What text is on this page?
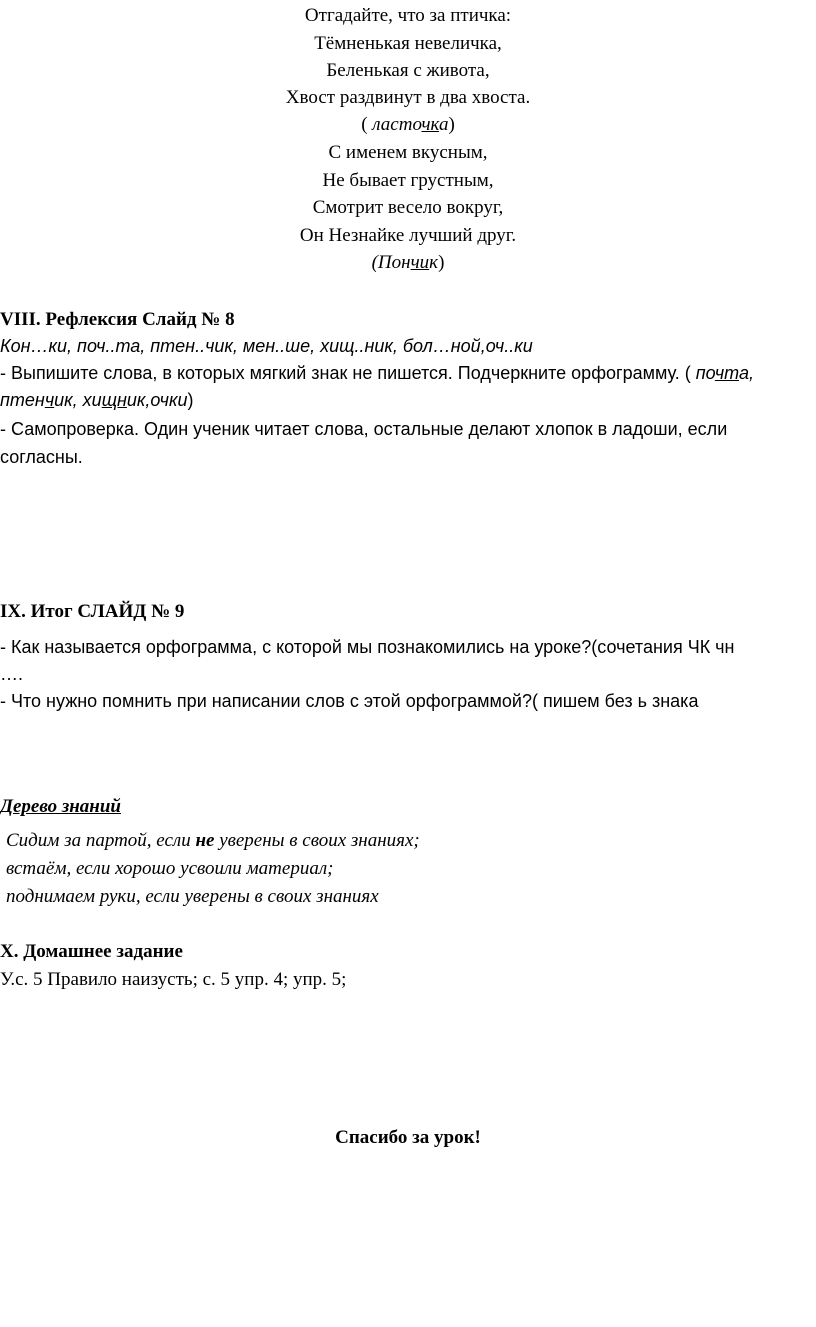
Отгадайте, что за птичка:
Тёмненькая невеличка,
Беленькая с живота,
Хвост раздвинут в два хвоста.
( ласточка)
С именем вкусным,
Не бывает грустным,
Смотрит весело вокруг,
Он Незнайке лучший друг.
(Пончик)
VIII. Рефлексия Слайд № 8
Кон…ки, поч..та, птен..чик, мен..ше, хищ..ник, бол…ной,оч..ки
- Выпишите слова, в которых мягкий знак не пишется. Подчеркните орфограмму. ( почта,
птенчик, хищник,очки)
- Самопроверка. Один ученик читает слова, остальные делают хлопок в ладоши, если
согласны.
IX. Итог СЛАЙД № 9
- Как называется орфограмма, с которой мы познакомились на уроке?(сочетания ЧК чн
….
- Что нужно помнить при написании слов с этой орфограммой?( пишем без ь знака
Дерево знаний
Сидим за партой, если не уверены в своих знаниях;
встаём, если хорошо усвоили материал;
поднимаем руки, если уверены в своих знаниях
X. Домашнее задание
У.с. 5 Правило наизусть; с. 5 упр. 4; упр. 5;
Спасибо за урок!
